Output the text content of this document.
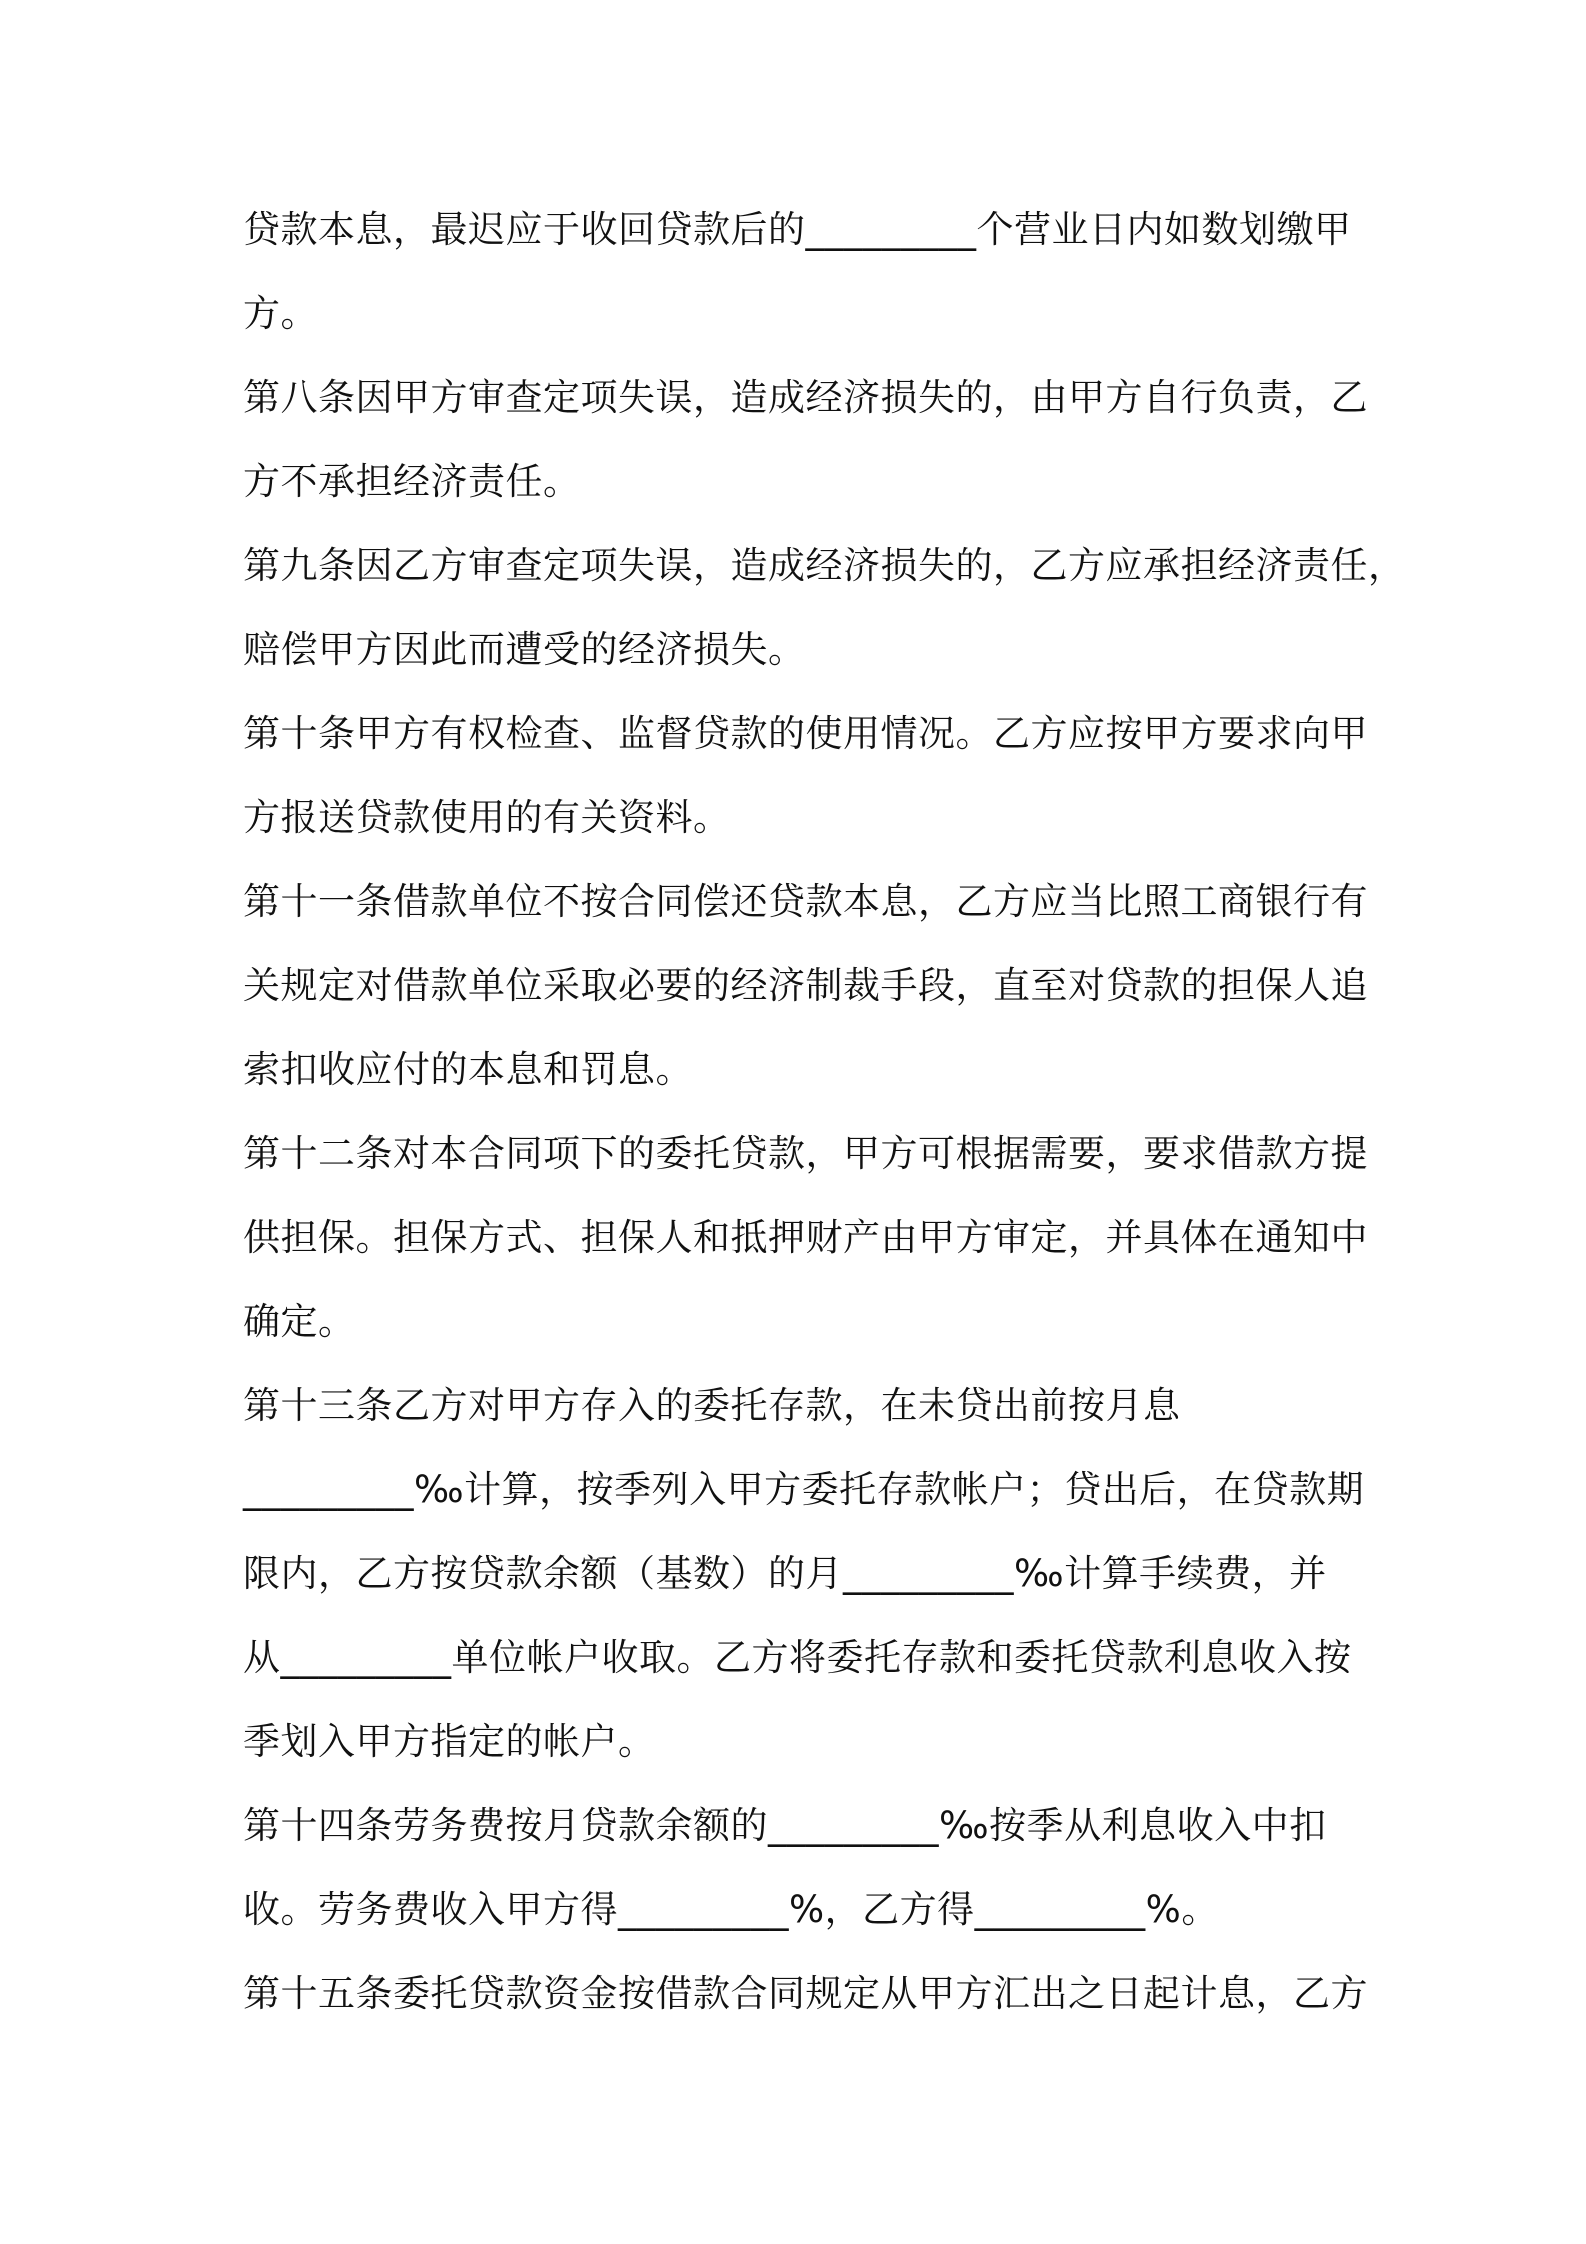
贷款本息，最迟应于收回贷款后的_________个营业日内如数划缴甲
方。
第八条因甲方审查定项失误，造成经济损失的，由甲方自行负责，乙
方不承担经济责任。
第九条因乙方审查定项失误，造成经济损失的，乙方应承担经济责任，
赔偿甲方因此而遭受的经济损失。
第十条甲方有权检查、监督贷款的使用情况。乙方应按甲方要求向甲
方报送贷款使用的有关资料。
第十一条借款单位不按合同偿还贷款本息，乙方应当比照工商银行有
关规定对借款单位采取必要的经济制裁手段，直至对贷款的担保人追
索扣收应付的本息和罚息。
第十二条对本合同项下的委托贷款，甲方可根据需要，要求借款方提
供担保。担保方式、担保人和抵押财产由甲方审定，并具体在通知中
确定。
第十三条乙方对甲方存入的委托存款，在未贷出前按月息
_________‰计算，按季列入甲方委托存款帐户；贷出后，在贷款期
限内，乙方按贷款余额（基数）的月_________‰计算手续费，并
从_________单位帐户收取。乙方将委托存款和委托贷款利息收入按
季划入甲方指定的帐户。
第十四条劳务费按月贷款余额的_________‰按季从利息收入中扣
收。劳务费收入甲方得_________%，乙方得_________%。
第十五条委托贷款资金按借款合同规定从甲方汇出之日起计息，乙方
